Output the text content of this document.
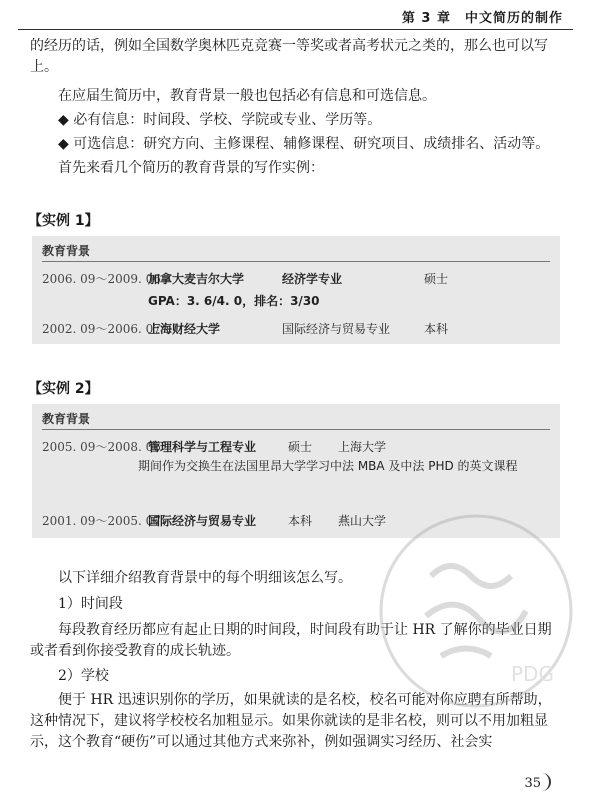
第 3 章　中文简历的制作

的经历的话，例如全国数学奥林匹克竞赛一等奖或者高考状元之类的，那么也可以写上。

在应届生简历中，教育背景一般也包括必有信息和可选信息。

◆ 必有信息：时间段、学校、学院或专业、学历等。

◆ 可选信息：研究方向、主修课程、辅修课程、研究项目、成绩排名、活动等。

首先来看几个简历的教育背景的写作实例：

【实例 1】
教育背景
2006. 09～2009. 06
加拿大麦吉尔大学	经济学专业	硕士
GPA：3. 6/4. 0，排名：3/30
2002. 09～2006. 07
上海财经大学	国际经济与贸易专业	本科
【实例 2】
教育背景
2005. 09～2008. 06
管理科学与工程专业	硕士 上海大学
期间作为交换生在法国里昂大学学习中法 MBA 及中法 PHD 的英文课程
2001. 09～2005. 07
国际经济与贸易专业	本科 燕山大学

以下详细介绍教育背景中的每个明细该怎么写。

1）时间段

每段教育经历都应有起止日期的时间段，时间段有助于让 HR 了解你的毕业日期或者看到你接受教育的成长轨迹。

2）学校

便于 HR 迅速识别你的学历，如果就读的是名校，校名可能对你应聘有所帮助，这种情况下，建议将学校校名加粗显示。如果你就读的是非名校，则可以不用加粗显示，这个教育“硬伤”可以通过其他方式来弥补，例如强调实习经历、社会实

PDG
35
